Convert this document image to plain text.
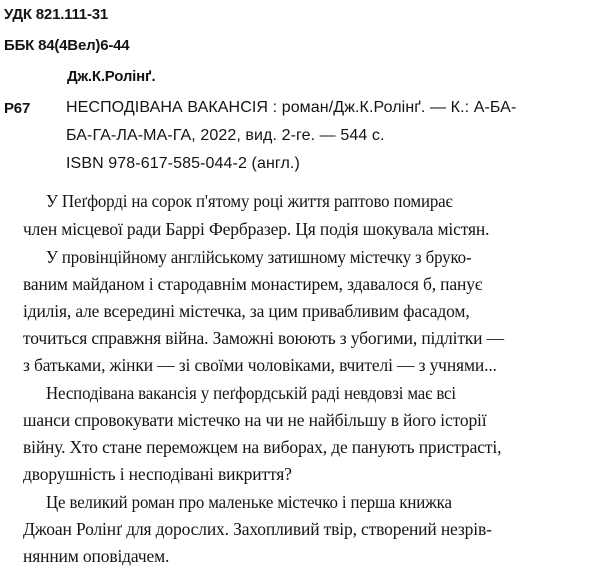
УДК 821.111-31
ББК 84(4Вел)6-44
Дж.К.Ролінґ.
Р67 НЕСПОДІВАНА ВАКАНСІЯ : роман/Дж.К.Ролінґ. — К.: А-БА-
БА-ГА-ЛА-МА-ГА, 2022, вид. 2-ге. — 544 с.
ISBN 978-617-585-044-2 (англ.)
У Пеґфорді на сорок п'ятому році життя раптово помирає
член місцевої ради Баррі Фербразер. Ця подія шокувала містян.
У провінційному англійському затишному містечку з бруко-
ваним майданом і стародавнім монастирем, здавалося б, панує
ідилія, але всередині містечка, за цим привабливим фасадом,
точиться справжня війна. Заможні воюють з убогими, підлітки —
з батьками, жінки — зі своїми чоловіками, вчителі — з учнями...
Несподівана вакансія у пеґфордській раді невдовзі має всі
шанси спровокувати містечко на чи не найбільшу в його історії
війну. Хто стане переможцем на виборах, де панують пристрасті,
дворушність і несподівані викриття?
Це великий роман про маленьке містечко і перша книжка
Джоан Ролінґ для дорослих. Захопливий твір, створений незрів-
нянним оповідачем.
